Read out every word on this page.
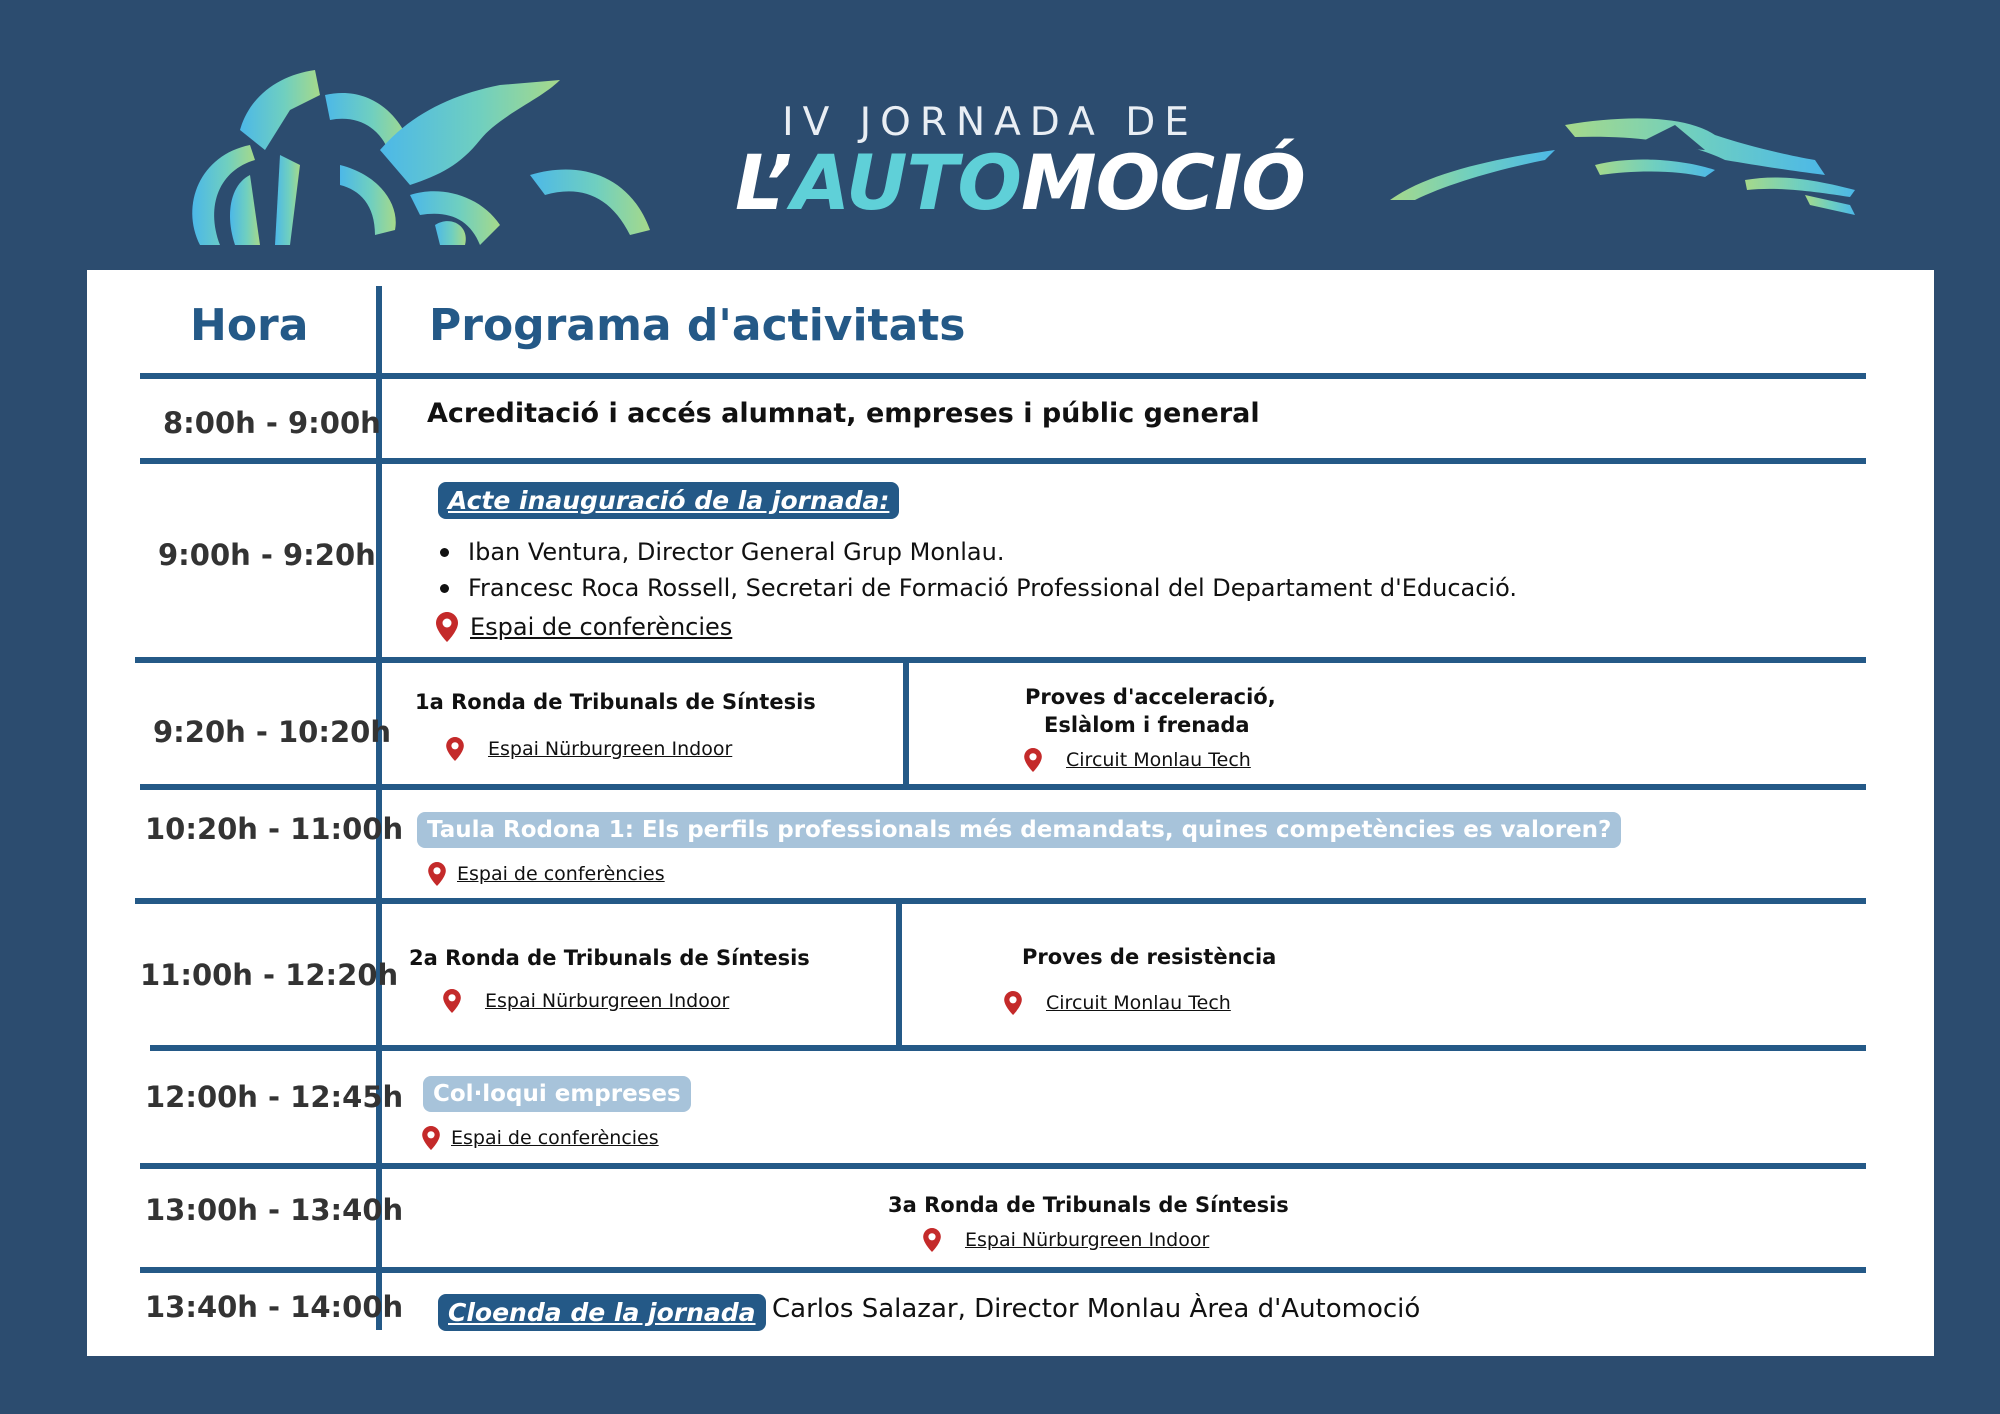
IV JORNADA DE
L’AUTOMOCIÓ
Hora	Programa d'activitats
8:00h - 9:00h Acreditació i accés alumnat, empreses i públic general
9:00h - 9:20h
Acte inauguració de la jornada:
Iban Ventura, Director General Grup Monlau.
Francesc Roca Rossell, Secretari de Formació Professional del Departament d'Educació.
Espai de conferències
9:20h - 10:20h
1a Ronda de Tribunals de Síntesis
Espai Nürburgreen Indoor
Proves d'acceleració,
Eslàlom i frenada
Circuit Monlau Tech
10:20h - 11:00h	Taula Rodona 1: Els perfils professionals més demandats, quines competències es valoren?
Espai de conferències
11:00h - 12:20h 2a Ronda de Tribunals de Síntesis
Espai Nürburgreen Indoor
Proves de resistència
Circuit Monlau Tech
12:00h - 12:45h	Col·loqui empreses
Espai de conferències
13:00h - 13:40h	3a Ronda de Tribunals de Síntesis
Espai Nürburgreen Indoor
13:40h - 14:00h	Cloenda de la jornada Carlos Salazar, Director Monlau Àrea d'Automoció
